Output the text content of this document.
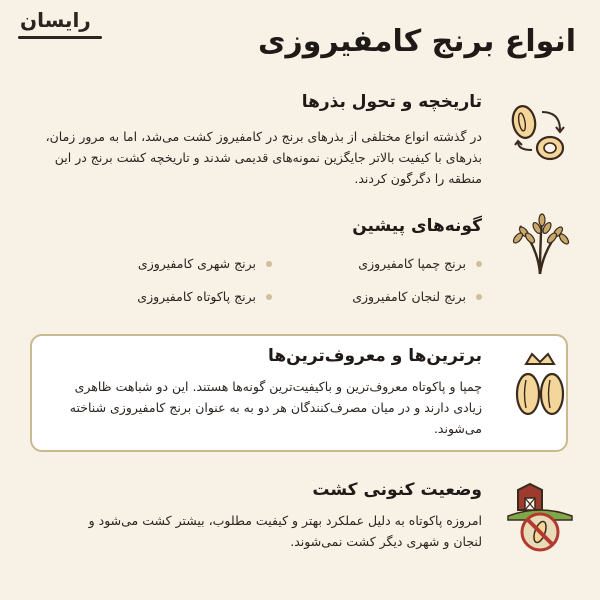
رایسان
انواع برنج کامفیروزی
تاریخچه و تحول بذرها
در گذشته انواع مختلفی از بذرهای برنج در کامفیروز کشت می‌شد، اما به مرور زمان، بذرهای با کیفیت بالاتر جایگزین نمونه‌های قدیمی شدند و تاریخچه کشت برنج در این منطقه را دگرگون کردند.
گونه‌های پیشین
برنج چمپا کامفیروزی
برنج شهری کامفیروزی
برنج لنجان کامفیروزی
برنج پاکوتاه کامفیروزی
برترین‌ها و معروف‌ترین‌ها
چمپا و پاکوتاه معروف‌ترین و باکیفیت‌ترین گونه‌ها هستند. این دو شباهت ظاهری زیادی دارند و در میان مصرف‌کنندگان هر دو به به عنوان برنج کامفیروزی شناخته می‌شوند.
وضعیت کنونی کشت
امروزه پاکوتاه به دلیل عملکرد بهتر و کیفیت مطلوب، بیشتر کشت می‌شود و لنجان و شهری دیگر کشت نمی‌شوند.
